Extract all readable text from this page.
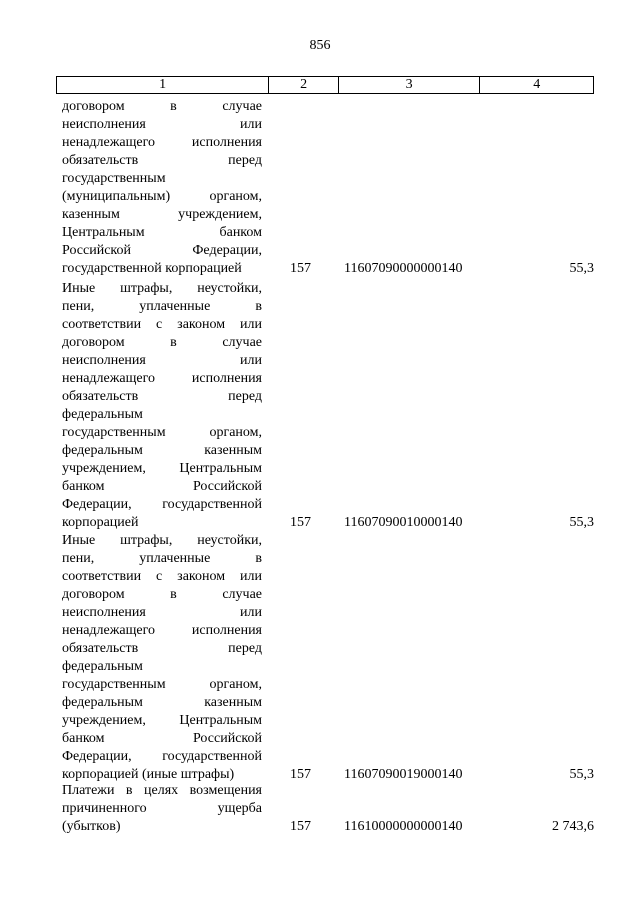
856
1	2	3	4
договором в случае
неисполнения или
ненадлежащего исполнения
обязательств перед
государственным
(муниципальным) органом,
казенным учреждением,
Центральным банком
Российской Федерации,
государственной корпорацией	157	11607090000000140	55,3
Иные штрафы, неустойки,
пени, уплаченные в
соответствии с законом или
договором в случае
неисполнения или
ненадлежащего исполнения
обязательств перед
федеральным
государственным органом,
федеральным казенным
учреждением, Центральным
банком Российской
Федерации, государственной
корпорацией	157	11607090010000140	55,3
Иные штрафы, неустойки,
пени, уплаченные в
соответствии с законом или
договором в случае
неисполнения или
ненадлежащего исполнения
обязательств перед
федеральным
государственным органом,
федеральным казенным
учреждением, Центральным
банком Российской
Федерации, государственной
корпорацией (иные штрафы)	157	11607090019000140	55,3
Платежи в целях возмещения
причиненного ущерба
(убытков)	157	11610000000000140	2 743,6
